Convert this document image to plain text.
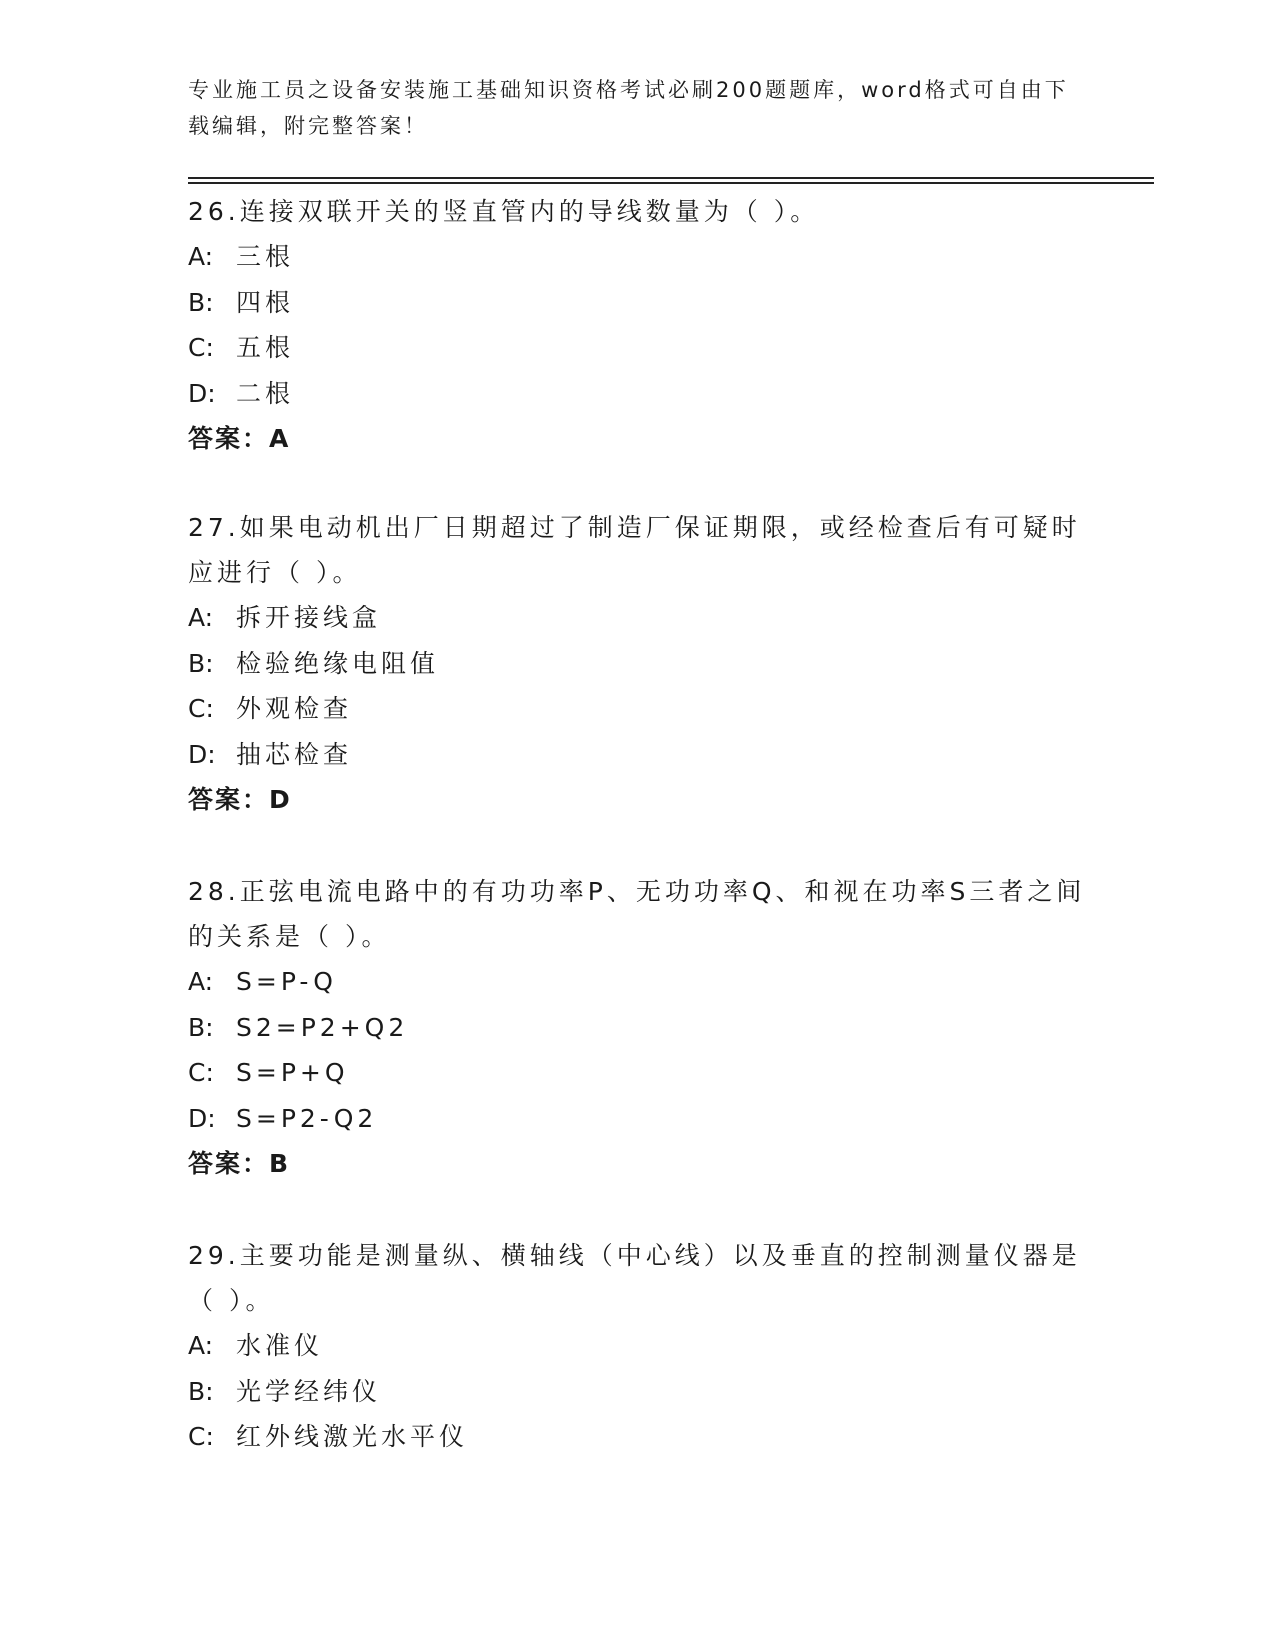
专业施工员之设备安装施工基础知识资格考试必刷200题题库，word格式可自由下载编辑，附完整答案！

26.连接双联开关的竖直管内的导线数量为（ ）。

A: 三根
B: 四根
C: 五根
D: 二根
答案：A

27.如果电动机出厂日期超过了制造厂保证期限，或经检查后有可疑时应进行（ ）。

A: 拆开接线盒
B: 检验绝缘电阻值
C: 外观检查
D: 抽芯检查
答案：D

28.正弦电流电路中的有功功率P、无功功率Q、和视在功率S三者之间的关系是（ ）。

A: S=P-Q
B: S2=P2+Q2
C: S=P+Q
D: S=P2-Q2
答案：B

29.主要功能是测量纵、横轴线（中心线）以及垂直的控制测量仪器是（ ）。

A: 水准仪
B: 光学经纬仪
C: 红外线激光水平仪
